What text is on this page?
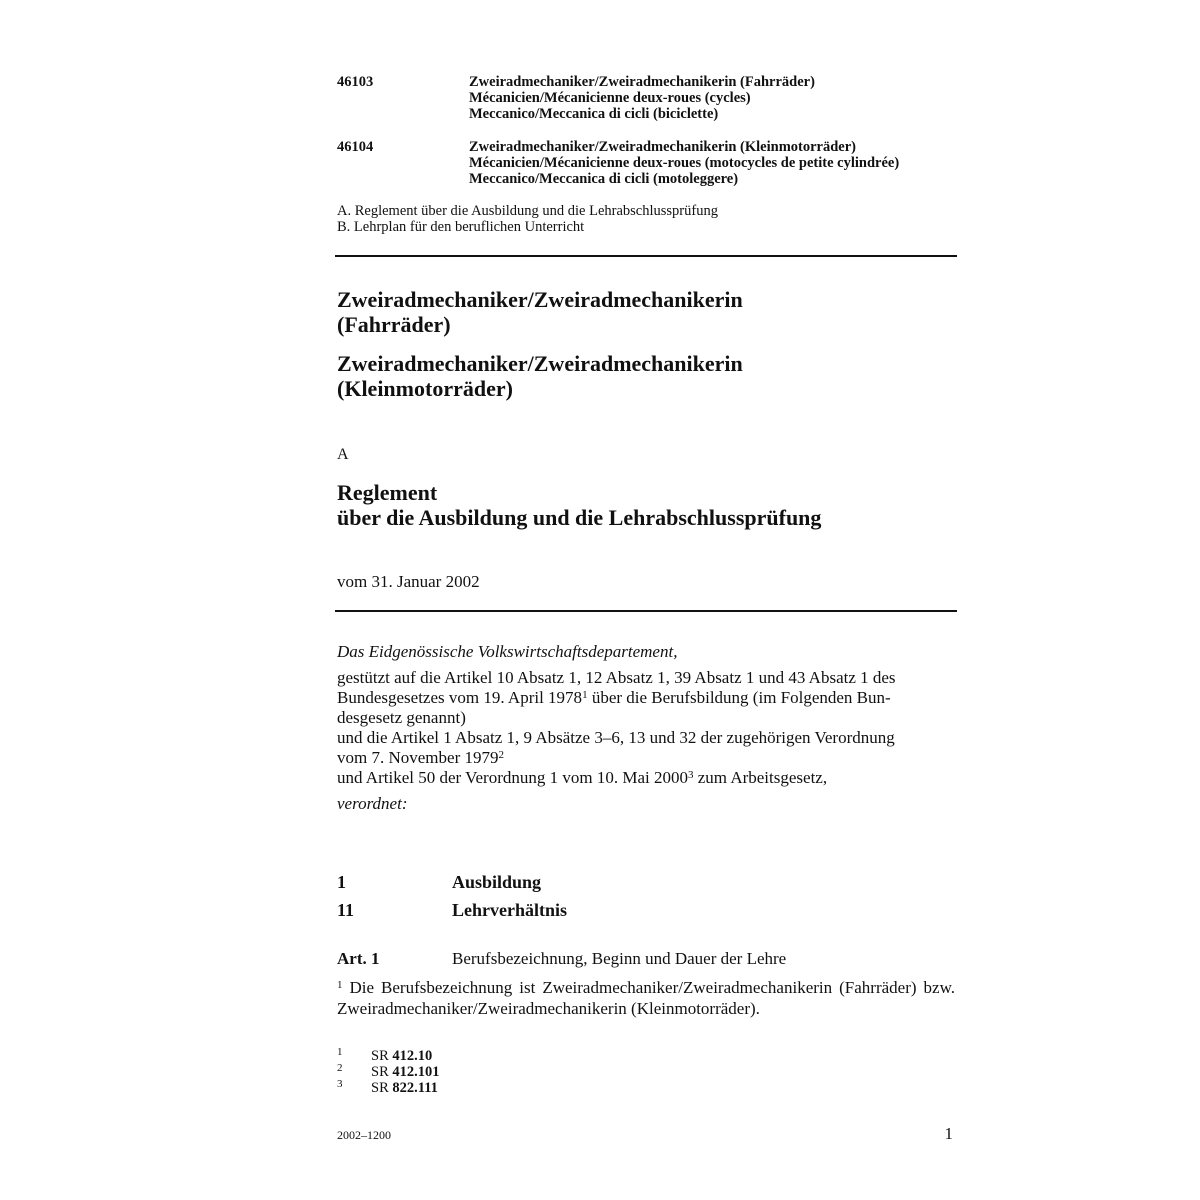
46103	Zweiradmechaniker/Zweiradmechanikerin (Fahrräder)
Mécanicien/Mécanicienne deux-roues (cycles)
Meccanico/Meccanica di cicli (biciclette)
46104	Zweiradmechaniker/Zweiradmechanikerin (Kleinmotorräder)
Mécanicien/Mécanicienne deux-roues (motocycles de petite cylindrée)
Meccanico/Meccanica di cicli (motoleggere)
A. Reglement über die Ausbildung und die Lehrabschlussprüfung
B. Lehrplan für den beruflichen Unterricht
Zweiradmechaniker/Zweiradmechanikerin
(Fahrräder)
Zweiradmechaniker/Zweiradmechanikerin
(Kleinmotorräder)
A
Reglement
über die Ausbildung und die Lehrabschlussprüfung
vom 31. Januar 2002
Das Eidgenössische Volkswirtschaftsdepartement,
gestützt auf die Artikel 10 Absatz 1, 12 Absatz 1, 39 Absatz 1 und 43 Absatz 1 des
Bundesgesetzes vom 19. April 1978$^1$ über die Berufsbildung (im Folgenden Bun-
desgesetz genannt)
und die Artikel 1 Absatz 1, 9 Absätze 3–6, 13 und 32 der zugehörigen Verordnung
vom 7. November 1979$^2$
und Artikel 50 der Verordnung 1 vom 10. Mai 2000$^3$ zum Arbeitsgesetz,
verordnet:
1	Ausbildung
11	Lehrverhältnis
Art. 1	Berufsbezeichnung, Beginn und Dauer der Lehre
$^1$ Die Berufsbezeichnung ist Zweiradmechaniker/Zweiradmechanikerin (Fahrräder) bzw. Zweiradmechaniker/Zweiradmechanikerin (Kleinmotorräder).
1 SR 412.10
2 SR 412.101
3 SR 822.111
2002–1200	1
